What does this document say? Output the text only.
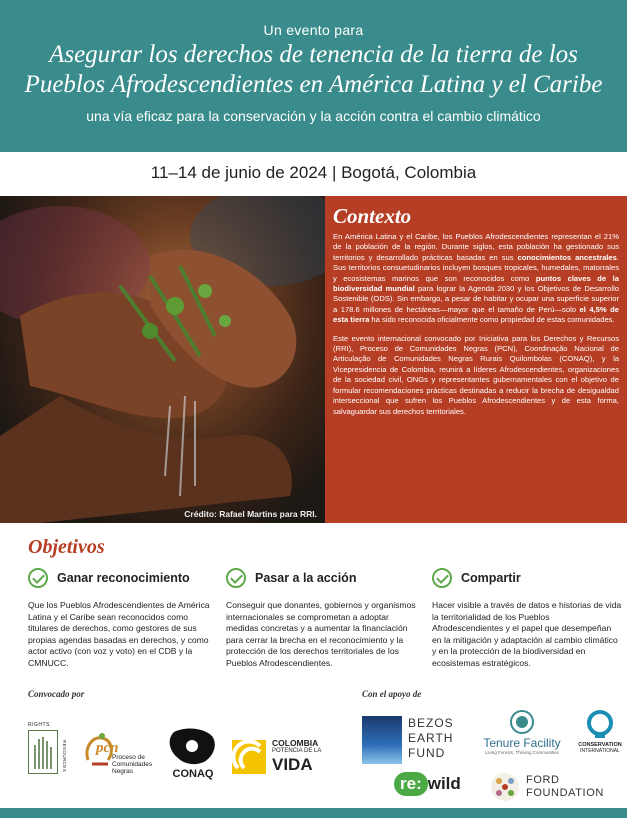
Un evento para
Asegurar los derechos de tenencia de la tierra de los
Pueblos Afrodescendientes en América Latina y el Caribe
una vía eficaz para la conservación y la acción contra el cambio climático
11–14 de junio de 2024 | Bogotá, Colombia
Crédito: Rafael Martins para RRI.
Contexto

En América Latina y el Caribe, los Pueblos Afrodescendientes representan el 21% de la población de la región. Durante siglos, esta población ha gestionado sus territorios y desarrollado prácticas basadas en sus conocimientos ancestrales. Sus territorios consuetudinarios incluyen bosques tropicales, humedales, matorrales y ecosistemas marinos que son reconocidos como puntos claves de la biodiversidad mundial para lograr la Agenda 2030 y los Objetivos de Desarrollo Sostenible (ODS). Sin embargo, a pesar de habitar y ocupar una superficie superior a 178.6 millones de hectáreas—mayor que el tamaño de Perú—solo el 4,5% de esta tierra ha sido reconocida oficialmente como propiedad de estas comunidades.

Este evento internacional convocado por Iniciativa para los Derechos y Recursos (RRI), Proceso de Comunidades Negras (PCN), Coordinação Nacional de Articulação de Comunidades Negras Rurais Quilombolas (CONAQ), y la Vicepresidencia de Colombia, reunirá a líderes Afrodescendientes, organizaciones de la sociedad civil, ONGs y representantes gubernamentales con el objetivo de formular recomendaciones prácticas destinadas a reducir la brecha de desigualdad interseccional que sufren los Pueblos Afrodescendientes y de esta forma, salvaguardar sus derechos territoriales.

Objetivos
Ganar reconocimiento
Que los Pueblos Afrodescendientes de América Latina y el Caribe sean reconocidos como titulares de derechos, como gestores de sus propias agendas basadas en derechos, y como actor activo (con voz y voto) en el CDB y la CMNUCC.
Pasar a la acción
Conseguir que donantes, gobiernos y organismos internacionales se comprometan a adoptar medidas concretas y a aumentar la financiación para cerrar la brecha en el reconocimiento y la protección de los derechos territoriales de los Pueblos Afrodescendientes.
Compartir
Hacer visible a través de datos e historias de vida la territorialidad de los Pueblos Afrodescendientes y el papel que desempeñan en la mitigación y adaptación al cambio climático y en la protección de la biodiversidad en ecosistemas estratégicos.
Convocado por	Con el apoyo de
RIGHTS
RESOURCES pcn
Proceso de
Comunidades
Negras	CONAQ
COLOMBIA
POTENCIA DE LA
VIDA
BEZOS
EARTH
FUND
Tenure Facility
Living Forests, Thriving Communities
CONSERVATION
INTERNATIONAL
re: wild	FORD
FOUNDATION
